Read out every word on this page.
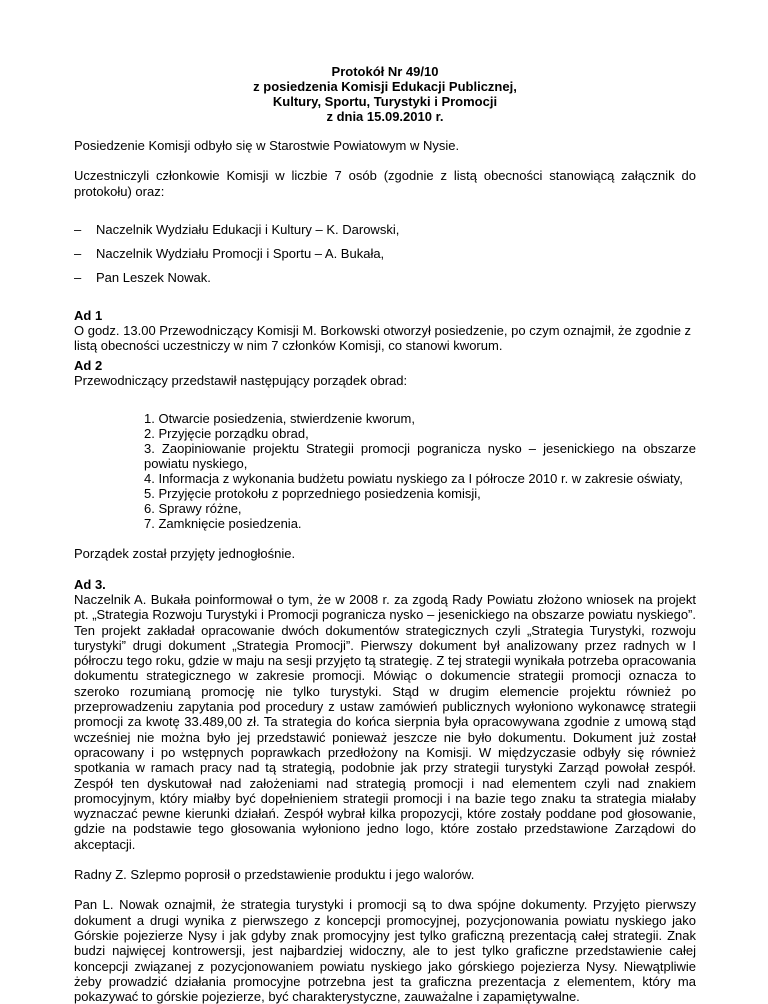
Protokół Nr 49/10
z posiedzenia Komisji Edukacji Publicznej,
Kultury, Sportu, Turystyki i Promocji
z dnia 15.09.2010 r.

Posiedzenie Komisji odbyło się w Starostwie Powiatowym w Nysie.

Uczestniczyli członkowie Komisji w liczbie 7 osób (zgodnie z listą obecności stanowiącą załącznik do protokołu) oraz:

– Naczelnik Wydziału Edukacji i Kultury – K. Darowski,
– Naczelnik Wydziału Promocji i Sportu – A. Bukała,
– Pan Leszek Nowak.

Ad 1

O godz. 13.00 Przewodniczący Komisji M. Borkowski otworzył posiedzenie, po czym oznajmił, że zgodnie z listą obecności uczestniczy w nim 7 członków Komisji, co stanowi kworum.

Ad 2

Przewodniczący przedstawił następujący porządek obrad:

1. Otwarcie posiedzenia, stwierdzenie kworum,
2. Przyjęcie porządku obrad,
3. Zaopiniowanie projektu Strategii promocji pogranicza nysko – jesenickiego na obszarze powiatu nyskiego,
4. Informacja z wykonania budżetu powiatu nyskiego za I półrocze 2010 r. w zakresie oświaty,
5. Przyjęcie protokołu z poprzedniego posiedzenia komisji,
6. Sprawy różne,
7. Zamknięcie posiedzenia.

Porządek został przyjęty jednogłośnie.

Ad 3.

Naczelnik A. Bukała poinformował o tym, że w 2008 r. za zgodą Rady Powiatu złożono wniosek na projekt pt. „Strategia Rozwoju Turystyki i Promocji pogranicza nysko – jesenickiego na obszarze powiatu nyskiego”. Ten projekt zakładał opracowanie dwóch dokumentów strategicznych czyli „Strategia Turystyki, rozwoju turystyki” drugi dokument „Strategia Promocji”. Pierwszy dokument był analizowany przez radnych w I półroczu tego roku, gdzie w maju na sesji przyjęto tą strategię. Z tej strategii wynikała potrzeba opracowania dokumentu strategicznego w zakresie promocji. Mówiąc o dokumencie strategii promocji oznacza to szeroko rozumianą promocję nie tylko turystyki. Stąd w drugim elemencie projektu również po przeprowadzeniu zapytania pod procedury z ustaw zamówień publicznych wyłoniono wykonawcę strategii promocji za kwotę 33.489,00 zł. Ta strategia do końca sierpnia była opracowywana zgodnie z umową stąd wcześniej nie można było jej przedstawić ponieważ jeszcze nie było dokumentu. Dokument już został opracowany i po wstępnych poprawkach przedłożony na Komisji. W międzyczasie odbyły się również spotkania w ramach pracy nad tą strategią, podobnie jak przy strategii turystyki Zarząd powołał zespół. Zespół ten dyskutował nad założeniami nad strategią promocji i nad elementem czyli nad znakiem promocyjnym, który miałby być dopełnieniem strategii promocji i na bazie tego znaku ta strategia miałaby wyznaczać pewne kierunki działań. Zespół wybrał kilka propozycji, które zostały poddane pod głosowanie, gdzie na podstawie tego głosowania wyłoniono jedno logo, które zostało przedstawione Zarządowi do akceptacji.

Radny Z. Szlepmo poprosił o przedstawienie produktu i jego walorów.

Pan L. Nowak oznajmił, że strategia turystyki i promocji są to dwa spójne dokumenty. Przyjęto pierwszy dokument a drugi wynika z pierwszego z koncepcji promocyjnej, pozycjonowania powiatu nyskiego jako Górskie pojezierze Nysy i jak gdyby znak promocyjny jest tylko graficzną prezentacją całej strategii. Znak budzi najwięcej kontrowersji, jest najbardziej widoczny, ale to jest tylko graficzne przedstawienie całej koncepcji związanej z pozycjonowaniem powiatu nyskiego jako górskiego pojezierza Nysy. Niewątpliwie żeby prowadzić działania promocyjne potrzebna jest ta graficzna prezentacja z elementem, który ma pokazywać to górskie pojezierze, być charakterystyczne, zauważalne i zapamiętywalne.
